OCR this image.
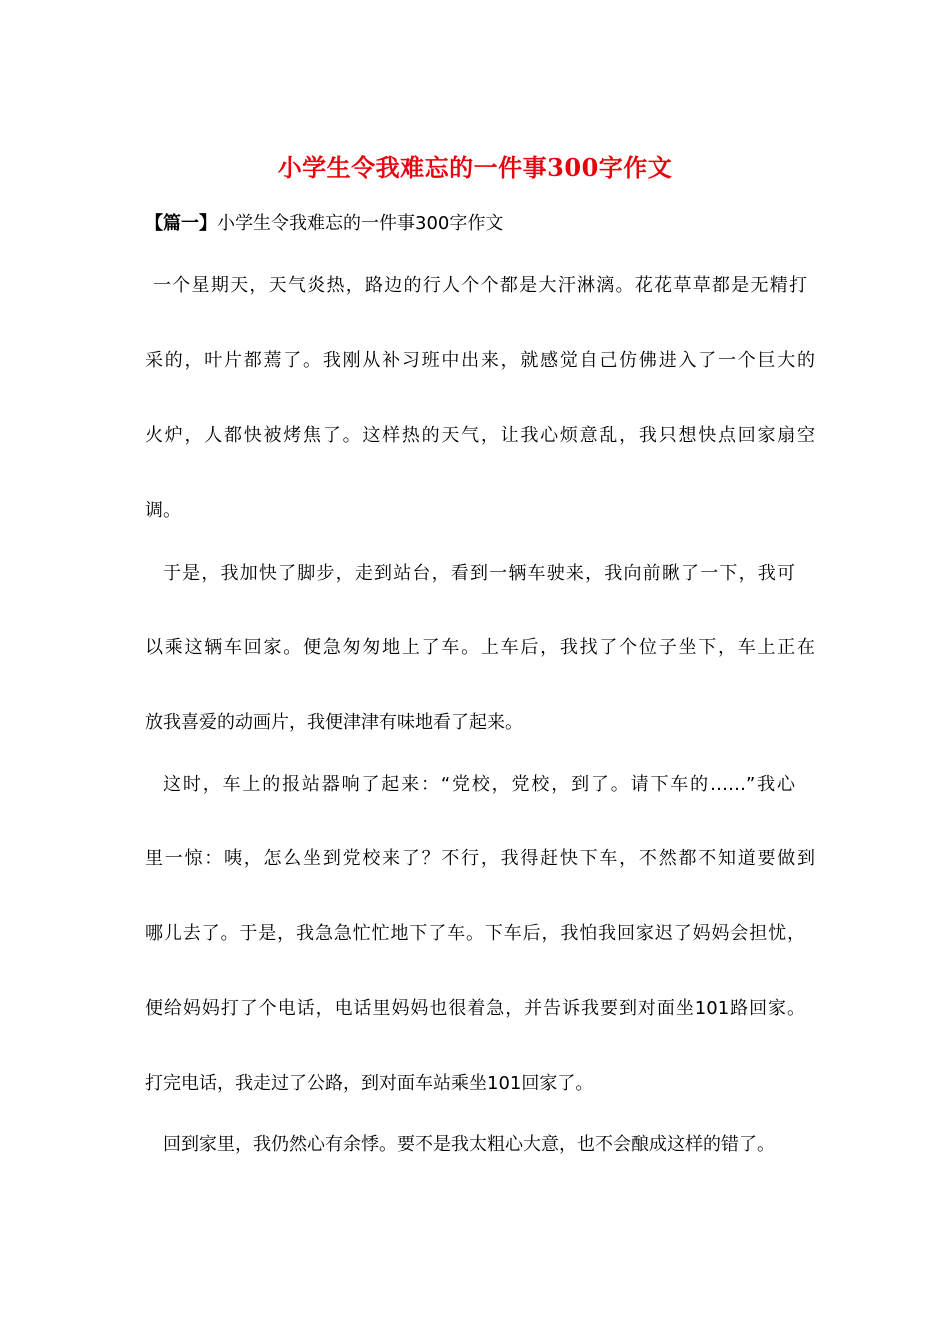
小学生令我难忘的一件事300字作文
【篇一】小学生令我难忘的一件事300字作文
一个星期天，天气炎热，路边的行人个个都是大汗淋漓。花花草草都是无精打
采的，叶片都蔫了。我刚从补习班中出来，就感觉自己仿佛进入了一个巨大的
火炉，人都快被烤焦了。这样热的天气，让我心烦意乱，我只想快点回家扇空
调。
于是，我加快了脚步，走到站台，看到一辆车驶来，我向前瞅了一下，我可
以乘这辆车回家。便急匆匆地上了车。上车后，我找了个位子坐下，车上正在
放我喜爱的动画片，我便津津有味地看了起来。
这时，车上的报站器响了起来：“党校，党校，到了。请下车的……”我心
里一惊：咦，怎么坐到党校来了？不行，我得赶快下车，不然都不知道要做到
哪儿去了。于是，我急急忙忙地下了车。下车后，我怕我回家迟了妈妈会担忧，
便给妈妈打了个电话，电话里妈妈也很着急，并告诉我要到对面坐101路回家。
打完电话，我走过了公路，到对面车站乘坐101回家了。
回到家里，我仍然心有余悸。要不是我太粗心大意，也不会酿成这样的错了。
